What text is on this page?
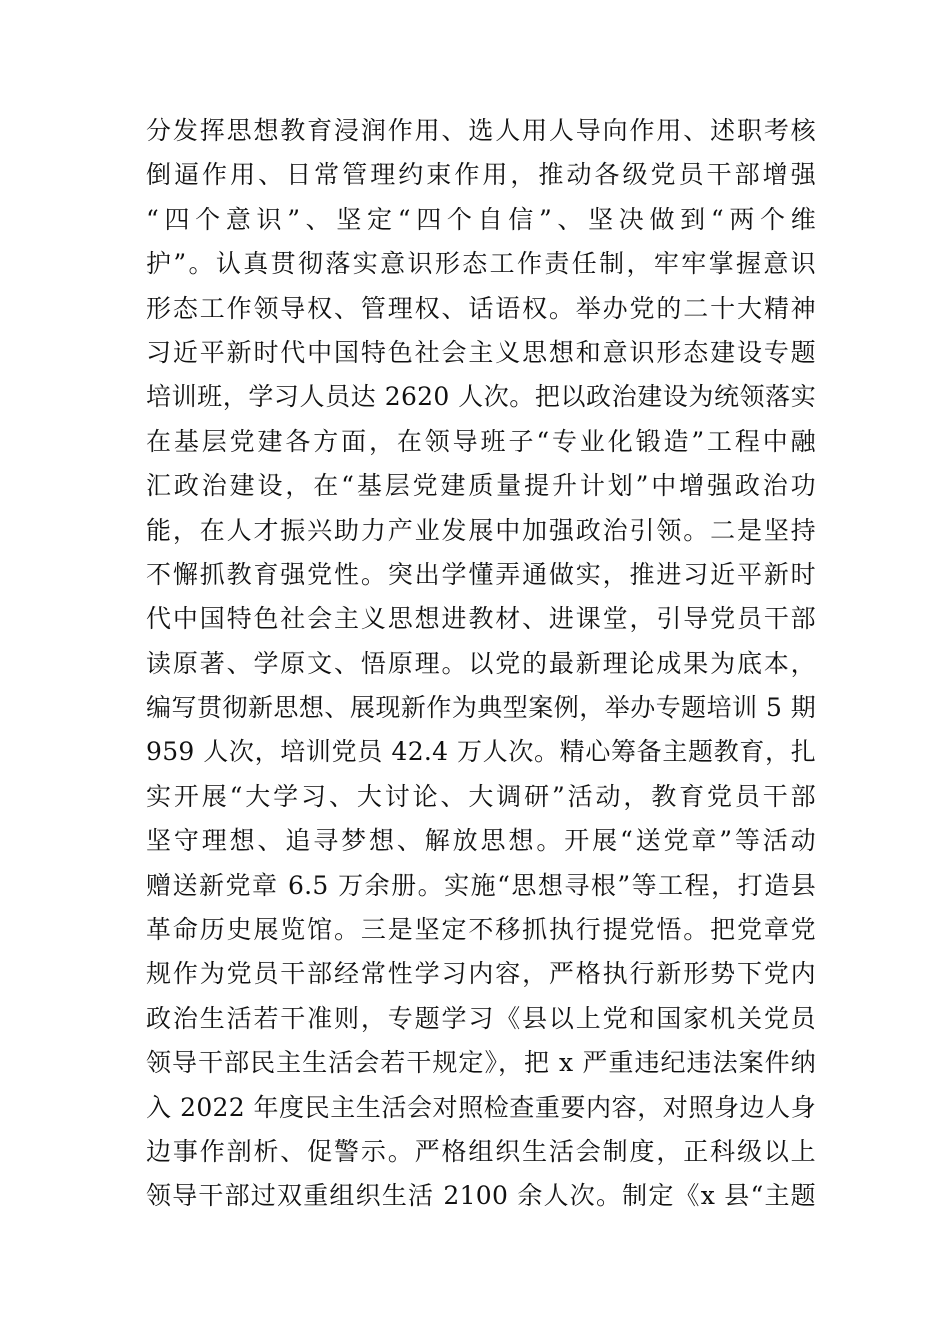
分发挥思想教育浸润作用、选人用人导向作用、述职考核
倒逼作用、日常管理约束作用，推动各级党员干部增强
“四个意识”、坚定“四个自信”、坚决做到“两个维
护”。认真贯彻落实意识形态工作责任制，牢牢掌握意识
形态工作领导权、管理权、话语权。举办党的二十大精神
习近平新时代中国特色社会主义思想和意识形态建设专题
培训班，学习人员达 2620 人次。把以政治建设为统领落实
在基层党建各方面，在领导班子“专业化锻造”工程中融
汇政治建设，在“基层党建质量提升计划”中增强政治功
能，在人才振兴助力产业发展中加强政治引领。二是坚持
不懈抓教育强党性。突出学懂弄通做实，推进习近平新时
代中国特色社会主义思想进教材、进课堂，引导党员干部
读原著、学原文、悟原理。以党的最新理论成果为底本，
编写贯彻新思想、展现新作为典型案例，举办专题培训 5 期
959 人次，培训党员 42.4 万人次。精心筹备主题教育，扎
实开展“大学习、大讨论、大调研”活动，教育党员干部
坚守理想、追寻梦想、解放思想。开展“送党章”等活动
赠送新党章 6.5 万余册。实施“思想寻根”等工程，打造县
革命历史展览馆。三是坚定不移抓执行提党悟。把党章党
规作为党员干部经常性学习内容，严格执行新形势下党内
政治生活若干准则，专题学习《县以上党和国家机关党员
领导干部民主生活会若干规定》，把 x 严重违纪违法案件纳
入 2022 年度民主生活会对照检查重要内容，对照身边人身
边事作剖析、促警示。严格组织生活会制度，正科级以上
领导干部过双重组织生活 2100 余人次。制定《x 县“主题
